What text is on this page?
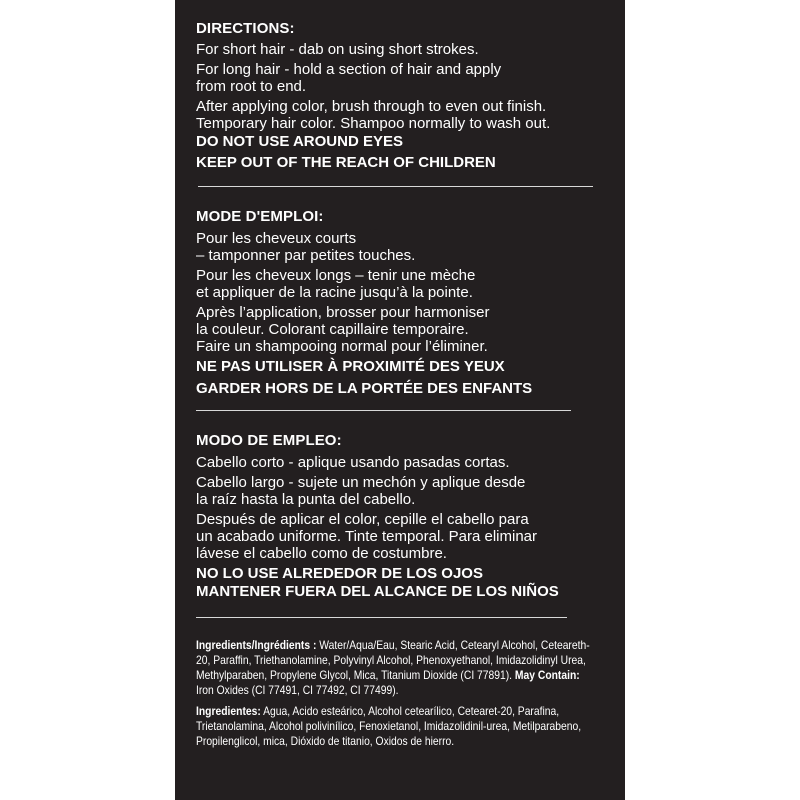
DIRECTIONS:
For short hair - dab on using short strokes.
For long hair - hold a section of hair and apply
from root to end.
After applying color, brush through to even out finish.
Temporary hair color. Shampoo normally to wash out.
DO NOT USE AROUND EYES
KEEP OUT OF THE REACH OF CHILDREN
MODE D'EMPLOI:
Pour les cheveux courts
– tamponner par petites touches.
Pour les cheveux longs – tenir une mèche
et appliquer de la racine jusqu’à la pointe.
Après l’application, brosser pour harmoniser
la couleur. Colorant capillaire temporaire.
Faire un shampooing normal pour l’éliminer.
NE PAS UTILISER À PROXIMITÉ DES YEUX
GARDER HORS DE LA PORTÉE DES ENFANTS
MODO DE EMPLEO:
Cabello corto - aplique usando pasadas cortas.
Cabello largo - sujete un mechón y aplique desde
la raíz hasta la punta del cabello.
Después de aplicar el color, cepille el cabello para
un acabado uniforme. Tinte temporal. Para eliminar
lávese el cabello como de costumbre.
NO LO USE ALREDEDOR DE LOS OJOS
MANTENER FUERA DEL ALCANCE DE LOS NIÑOS
Ingredients/Ingrédients : Water/Aqua/Eau, Stearic Acid, Cetearyl Alcohol, Ceteareth-20, Paraffin, Triethanolamine, Polyvinyl Alcohol, Phenoxyethanol, Imidazolidinyl Urea, Methylparaben, Propylene Glycol, Mica, Titanium Dioxide (CI 77891). May Contain: Iron Oxides (CI 77491, CI 77492, CI 77499).
Ingredientes: Agua, Acido esteárico, Alcohol cetearílico, Cetearet-20, Parafina, Trietanolamina, Alcohol polivinílico, Fenoxietanol, Imidazolidinil-urea, Metilparabeno, Propilenglicol, mica, Dióxido de titanio, Oxidos de hierro.
